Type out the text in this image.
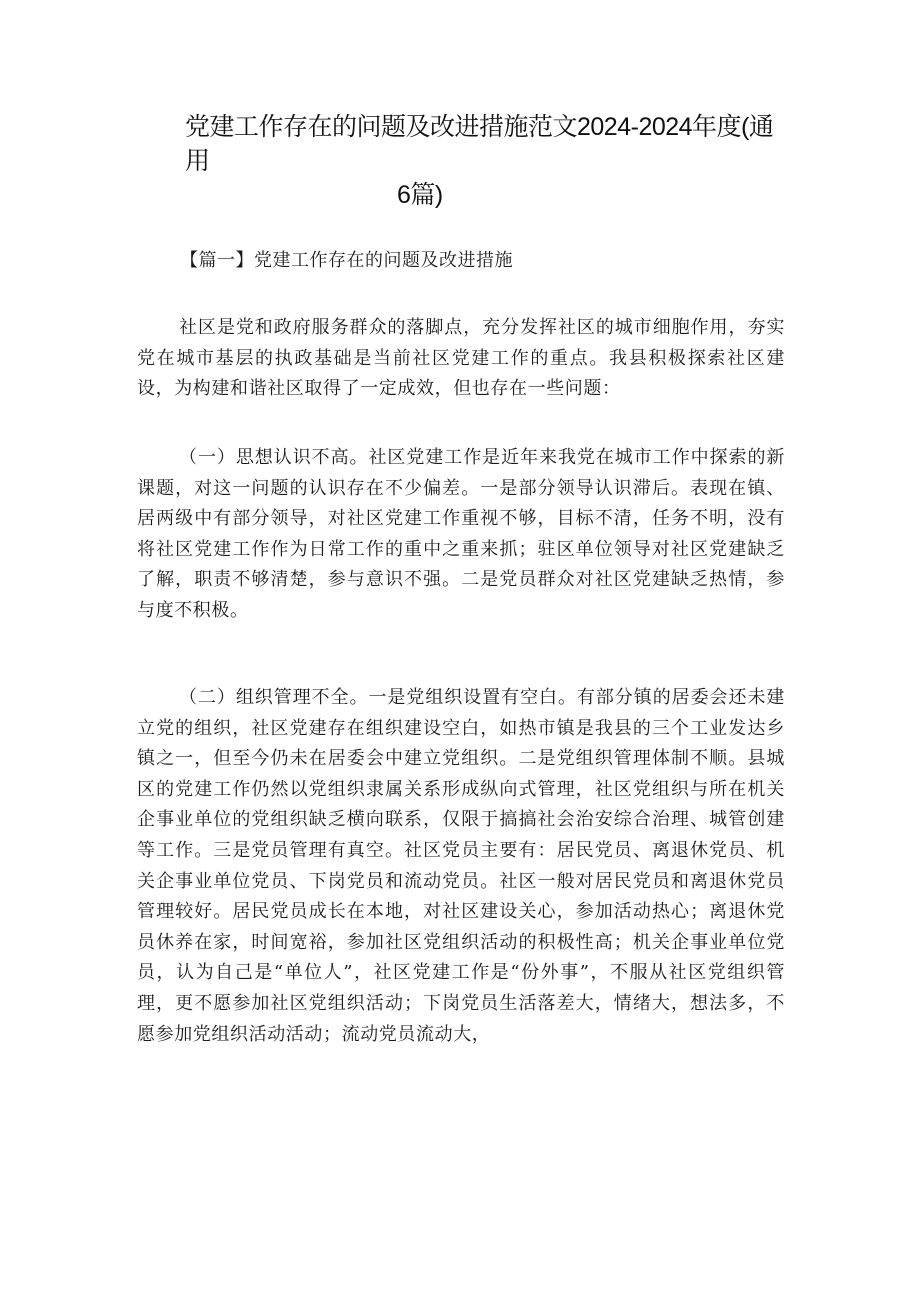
党建工作存在的问题及改进措施范文2024-2024年度(通用
6篇)
【篇一】党建工作存在的问题及改进措施

社区是党和政府服务群众的落脚点，充分发挥社区的城市细胞作用，夯实党在城市基层的执政基础是当前社区党建工作的重点。我县积极探索社区建设，为构建和谐社区取得了一定成效，但也存在一些问题：

（一）思想认识不高。社区党建工作是近年来我党在城市工作中探索的新课题，对这一问题的认识存在不少偏差。一是部分领导认识滞后。表现在镇、居两级中有部分领导，对社区党建工作重视不够，目标不清，任务不明，没有将社区党建工作作为日常工作的重中之重来抓；驻区单位领导对社区党建缺乏了解，职责不够清楚，参与意识不强。二是党员群众对社区党建缺乏热情，参与度不积极。

（二）组织管理不全。一是党组织设置有空白。有部分镇的居委会还未建立党的组织，社区党建存在组织建设空白，如热市镇是我县的三个工业发达乡镇之一，但至今仍未在居委会中建立党组织。二是党组织管理体制不顺。县城区的党建工作仍然以党组织隶属关系形成纵向式管理，社区党组织与所在机关企事业单位的党组织缺乏横向联系，仅限于搞搞社会治安综合治理、城管创建等工作。三是党员管理有真空。社区党员主要有：居民党员、离退休党员、机关企事业单位党员、下岗党员和流动党员。社区一般对居民党员和离退休党员管理较好。居民党员成长在本地，对社区建设关心，参加活动热心；离退休党员休养在家，时间宽裕，参加社区党组织活动的积极性高；机关企事业单位党员，认为自己是“单位人”，社区党建工作是“份外事”，不服从社区党组织管理，更不愿参加社区党组织活动；下岗党员生活落差大，情绪大，想法多，不愿参加党组织活动活动；流动党员流动大，
